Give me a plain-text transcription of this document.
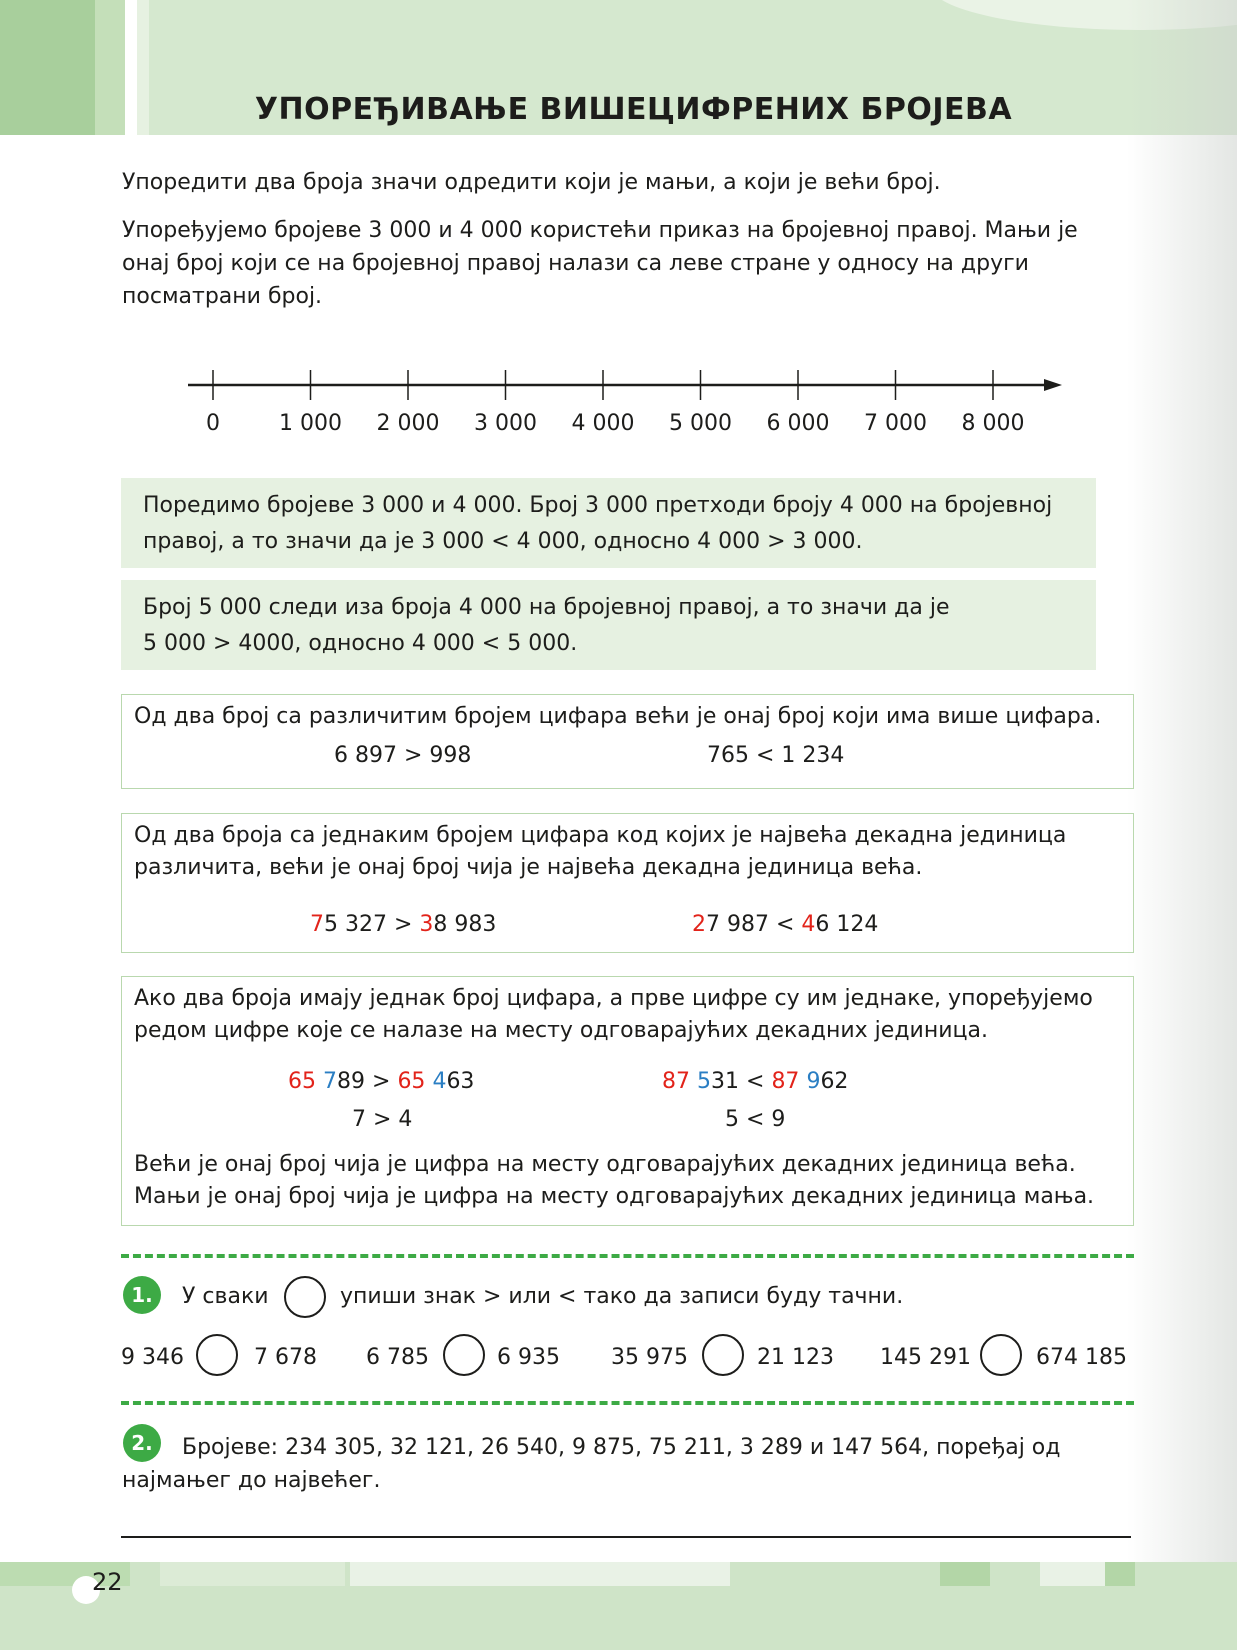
УПОРЕЂИВАЊЕ ВИШЕЦИФРЕНИХ БРОЈЕВА

Упоредити два броја значи одредити који је мањи, а који је већи број.

Упоређујемо бројеве 3 000 и 4 000 користећи приказ на бројевној правој. Мањи је онај број који се на бројевној правој налази са леве стране у односу на други посматрани број.

0	1 000 2 000 3 000 4 000 5 000 6 000 7 000 8 000
Поредимо бројеве 3 000 и 4 000. Број 3 000 претходи броју 4 000 на бројевној
правој, а то значи да је 3 000 < 4 000, односно 4 000 > 3 000.
Број 5 000 следи иза броја 4 000 на бројевној правој, а то значи да је
5 000 > 4000, односно 4 000 < 5 000.
Од два број са различитим бројем цифара већи је онај број који има више цифара.
6 897 > 998	765 < 1 234
Од два броја са једнаким бројем цифара код којих је највећа декадна јединица различита, већи је онај број чија је највећа декадна јединица већа.
75 327 > 38 983	27 987 < 46 124
Ако два броја имају једнак број цифара, а прве цифре су им једнаке, упоређујемо редом цифре које се налазе на месту одговарајућих декадних јединица.
65 789 > 65 463
7 > 4
87 531 < 87 962
5 < 9
Већи је онај број чија је цифра на месту одговарајућих декадних јединица већа. Мањи је онај број чија је цифра на месту одговарајућих декадних јединица мања.
1.	У сваки	упиши знак > или < тако да записи буду тачни.
9 346	7 678 6 785	6 935 35 975	21 123 145 291	674 185
2.	Бројеве: 234 305, 32 121, 26 540, 9 875, 75 211, 3 289 и 147 564, поређај од најмањег до највећег.
22
